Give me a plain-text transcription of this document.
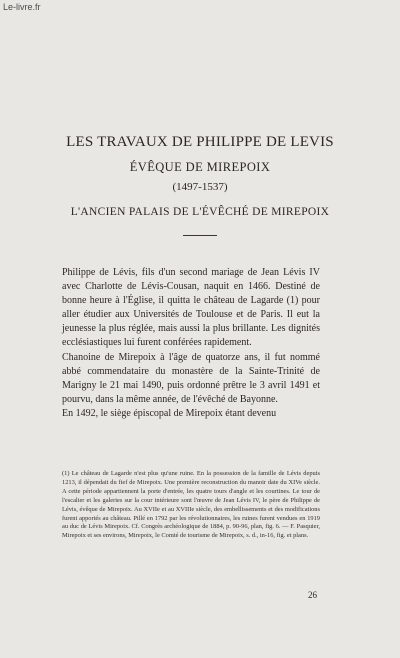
Le-livre.fr
LES TRAVAUX DE PHILIPPE DE LEVIS
ÉVÊQUE DE MIREPOIX
(1497-1537)
L'ANCIEN PALAIS DE L'ÉVÊCHÉ DE MIREPOIX

Philippe de Lévis, fils d'un second mariage de Jean Lévis IV avec Charlotte de Lévis-Cousan, naquit en 1466. Destiné de bonne heure à l'Église, il quitta le château de Lagarde (1) pour aller étudier aux Universités de Toulouse et de Paris. Il eut la jeunesse la plus réglée, mais aussi la plus brillante. Les dignités ecclésiastiques lui furent conférées rapidement.

Chanoine de Mirepoix à l'âge de quatorze ans, il fut nommé abbé commendataire du monastère de la Sainte-Trinité de Marigny le 21 mai 1490, puis ordonné prêtre le 3 avril 1491 et pourvu, dans la même année, de l'évêché de Bayonne.

En 1492, le siège épiscopal de Mirepoix étant devenu

(1) Le château de Lagarde n'est plus qu'une ruine. En la possession de la famille de Lévis depuis 1213, il dépendait du fief de Mirepoix. Une première reconstruction du manoir date du XIVe siècle. A cette période appartiennent la porte d'entrée, les quatre tours d'angle et les courtines. Le tour de l'escalier et les galeries sur la cour intérieure sont l'œuvre de Jean Lévis IV, le père de Philippe de Lévis, évêque de Mirepoix. Au XVIIe et au XVIIIe siècle, des embellissements et des modifications furent apportés au château. Pillé en 1792 par les révolutionnaires, les ruines furent vendues en 1919 au duc de Lévis Mirepoix. Cf. Congrès archéologique de 1884, p. 90-96, plan, fig. 6. — F. Pasquier, Mirepoix et ses environs, Mirepoix, le Comté de tourisme de Mirepoix, s. d., in-16, fig. et plans.

26
